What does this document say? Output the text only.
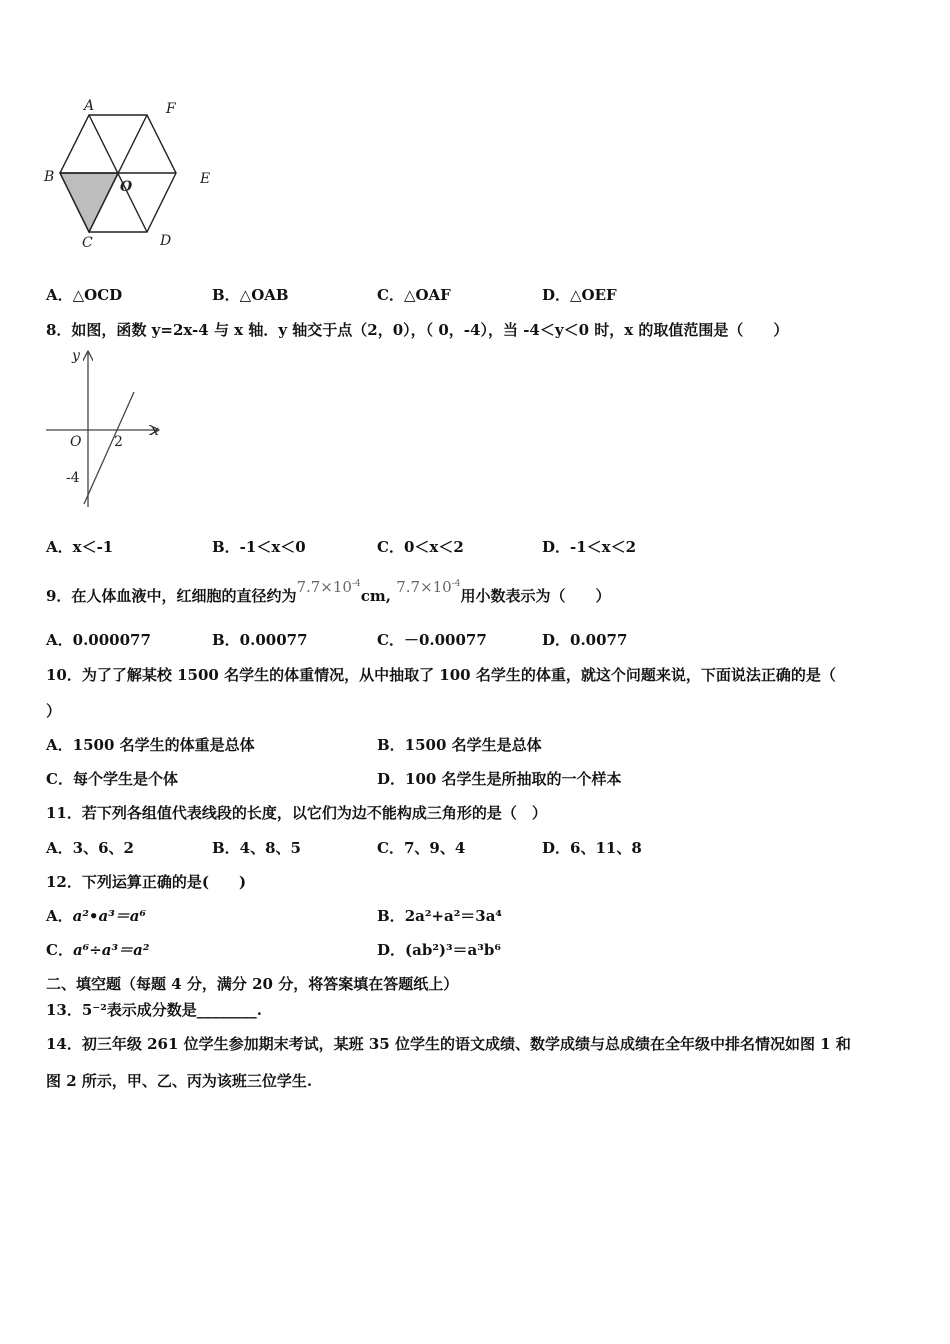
A	F
B
O	E
C	D
A．△OCD	B．△OAB	C．△OAF	D．△OEF
8．如图，函数 y=2x-4 与 x 轴．y 轴交于点（2，0），（ 0，-4），当 -4＜y＜0 时，x 的取值范围是（　　）
y
x
O 2
-4
A．x＜-1	B．-1＜x＜0	C．0＜x＜2	D．-1＜x＜2
9．在人体血液中，红细胞的直径约为$7.7\times 10^{-4}cm$, $7.7\times 10^{-4}$用小数表示为（　　）
A．0.000077	B．0.00077	C．－0.00077	D．0.0077
10．为了了解某校 1500 名学生的体重情况，从中抽取了 100 名学生的体重，就这个问题来说，下面说法正确的是（
）
A．1500 名学生的体重是总体	B．1500 名学生是总体
C．每个学生是个体	D．100 名学生是所抽取的一个样本
11．若下列各组值代表线段的长度，以它们为边不能构成三角形的是（　）
A．3、6、2	B．4、8、5	C．7、9、4	D．6、11、8
12．下列运算正确的是(　　)
A．a²•a³＝a⁶	B．2a²+a²＝3a⁴
C．a⁶÷a³＝a²	D．(ab²)³＝a³b⁶
二、填空题（每题 4 分，满分 20 分，将答案填在答题纸上）
13．5⁻²表示成分数是________.
14．初三年级 261 位学生参加期末考试，某班 35 位学生的语文成绩、数学成绩与总成绩在全年级中排名情况如图 1 和
图 2 所示，甲、乙、丙为该班三位学生.
